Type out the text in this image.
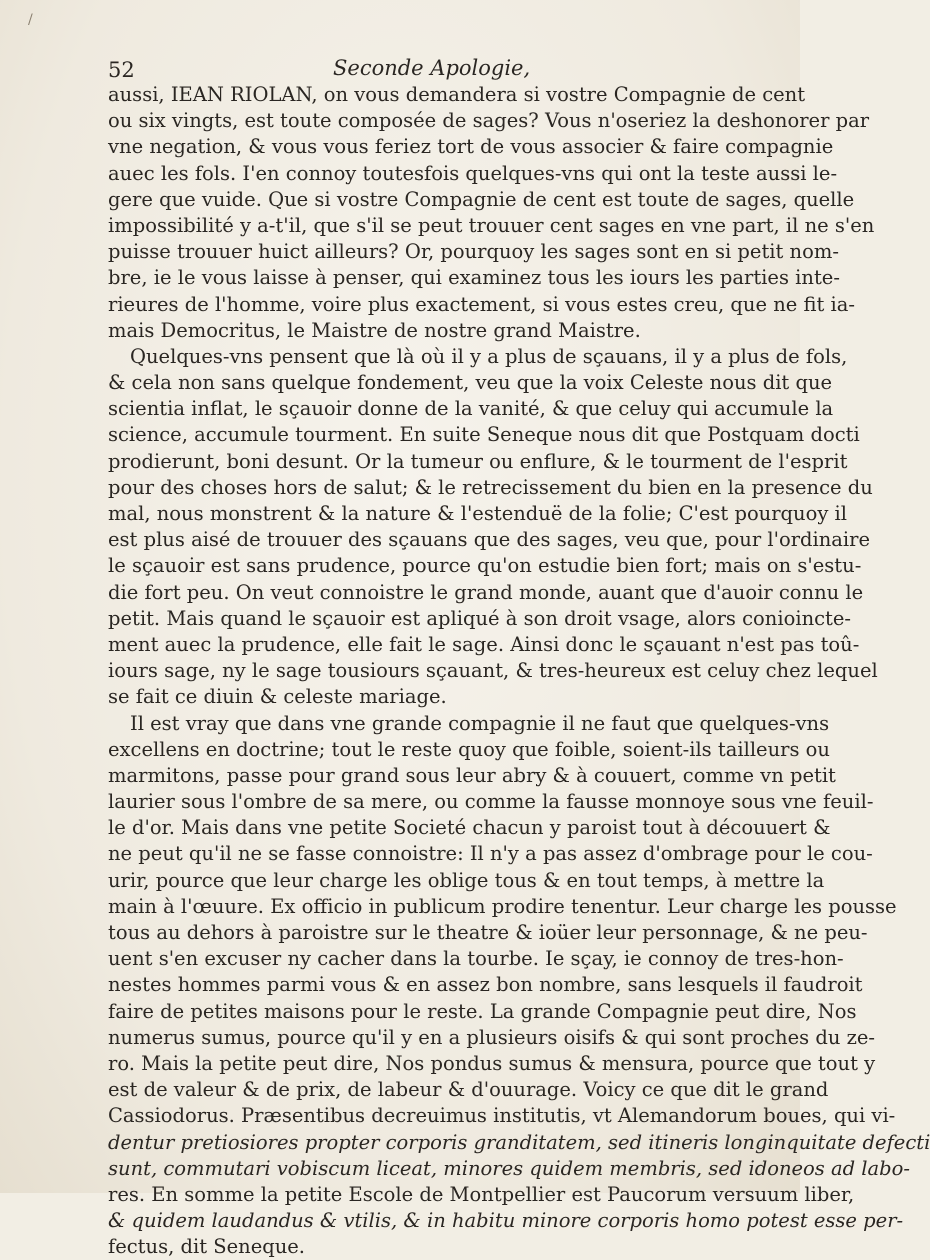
/
52	Seconde Apologie,
aussi, IEAN RIOLAN, on vous demandera si vostre Compagnie de cent
ou six vingts, est toute composée de sages? Vous n'oseriez la deshonorer par
vne negation, & vous vous feriez tort de vous associer & faire compagnie
auec les fols. I'en connoy toutesfois quelques-vns qui ont la teste aussi le-
gere que vuide. Que si vostre Compagnie de cent est toute de sages, quelle
impossibilité y a-t'il, que s'il se peut trouuer cent sages en vne part, il ne s'en
puisse trouuer huict ailleurs? Or, pourquoy les sages sont en si petit nom-
bre, ie le vous laisse à penser, qui examinez tous les iours les parties inte-
rieures de l'homme, voire plus exactement, si vous estes creu, que ne fit ia-
mais Democritus, le Maistre de nostre grand Maistre.
Quelques-vns pensent que là où il y a plus de sçauans, il y a plus de fols,
& cela non sans quelque fondement, veu que la voix Celeste nous dit que
scientia inflat, le sçauoir donne de la vanité, & que celuy qui accumule la
science, accumule tourment. En suite Seneque nous dit que Postquam docti
prodierunt, boni desunt. Or la tumeur ou enflure, & le tourment de l'esprit
pour des choses hors de salut; & le retrecissement du bien en la presence du
mal, nous monstrent & la nature & l'estenduë de la folie; C'est pourquoy il
est plus aisé de trouuer des sçauans que des sages, veu que, pour l'ordinaire
le sçauoir est sans prudence, pource qu'on estudie bien fort; mais on s'estu-
die fort peu. On veut connoistre le grand monde, auant que d'auoir connu le
petit. Mais quand le sçauoir est apliqué à son droit vsage, alors conioincte-
ment auec la prudence, elle fait le sage. Ainsi donc le sçauant n'est pas toû-
iours sage, ny le sage tousiours sçauant, & tres-heureux est celuy chez lequel
se fait ce diuin & celeste mariage.
Il est vray que dans vne grande compagnie il ne faut que quelques-vns
excellens en doctrine; tout le reste quoy que foible, soient-ils tailleurs ou
marmitons, passe pour grand sous leur abry & à couuert, comme vn petit
laurier sous l'ombre de sa mere, ou comme la fausse monnoye sous vne feuil-
le d'or. Mais dans vne petite Societé chacun y paroist tout à découuert &
ne peut qu'il ne se fasse connoistre: Il n'y a pas assez d'ombrage pour le cou-
urir, pource que leur charge les oblige tous & en tout temps, à mettre la
main à l'œuure. Ex officio in publicum prodire tenentur. Leur charge les pousse
tous au dehors à paroistre sur le theatre & ioüer leur personnage, & ne peu-
uent s'en excuser ny cacher dans la tourbe. Ie sçay, ie connoy de tres-hon-
nestes hommes parmi vous & en assez bon nombre, sans lesquels il faudroit
faire de petites maisons pour le reste. La grande Compagnie peut dire, Nos
numerus sumus, pource qu'il y en a plusieurs oisifs & qui sont proches du ze-
ro. Mais la petite peut dire, Nos pondus sumus & mensura, pource que tout y
est de valeur & de prix, de labeur & d'ouurage. Voicy ce que dit le grand
Cassiodorus. Præsentibus decreuimus institutis, vt Alemandorum boues, qui vi-
dentur pretiosiores propter corporis granditatem, sed itineris longinquitate defecti
sunt, commutari vobiscum liceat, minores quidem membris, sed idoneos ad labo-
res. En somme la petite Escole de Montpellier est Paucorum versuum liber,
& quidem laudandus & vtilis, & in habitu minore corporis homo potest esse per-
fectus, dit Seneque.
